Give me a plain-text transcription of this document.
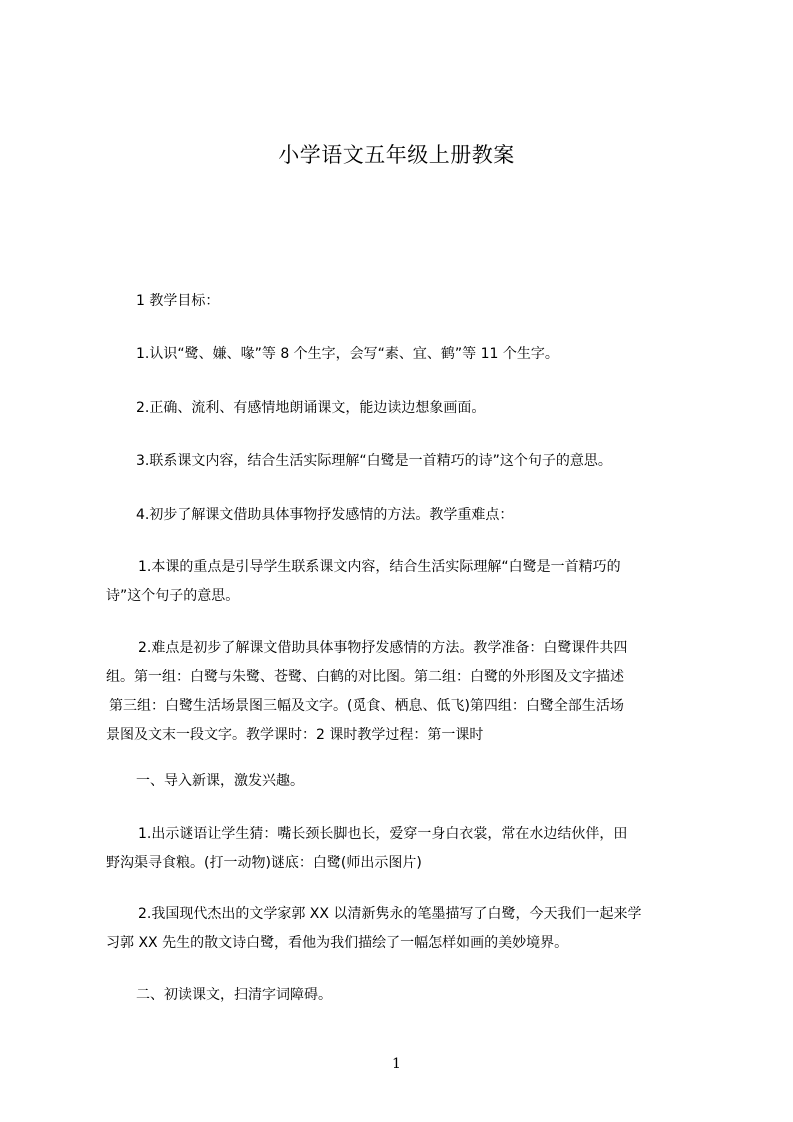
小学语文五年级上册教案
1 教学目标：
1.认识“鹭、嫌、喙”等 8 个生字，会写“素、宜、鹤”等 11 个生字。
2.正确、流利、有感情地朗诵课文，能边读边想象画面。
3.联系课文内容，结合生活实际理解“白鹭是一首精巧的诗”这个句子的意思。
4.初步了解课文借助具体事物抒发感情的方法。教学重难点：
1.本课的重点是引导学生联系课文内容，结合生活实际理解“白鹭是一首精巧的
诗”这个句子的意思。
2.难点是初步了解课文借助具体事物抒发感情的方法。教学准备：白鹭课件共四
组。第一组：白鹭与朱鹭、苍鹭、白鹤的对比图。第二组：白鹭的外形图及文字描述
第三组：白鹭生活场景图三幅及文字。(觅食、栖息、低飞)第四组：白鹭全部生活场
景图及文末一段文字。教学课时：2 课时教学过程：第一课时
一、导入新课，激发兴趣。
1.出示谜语让学生猜：嘴长颈长脚也长，爱穿一身白衣裳，常在水边结伙伴，田
野沟渠寻食粮。(打一动物)谜底：白鹭(师出示图片)
2.我国现代杰出的文学家郭 XX 以清新隽永的笔墨描写了白鹭，今天我们一起来学
习郭 XX 先生的散文诗白鹭，看他为我们描绘了一幅怎样如画的美妙境界。
二、初读课文，扫清字词障碍。
1
